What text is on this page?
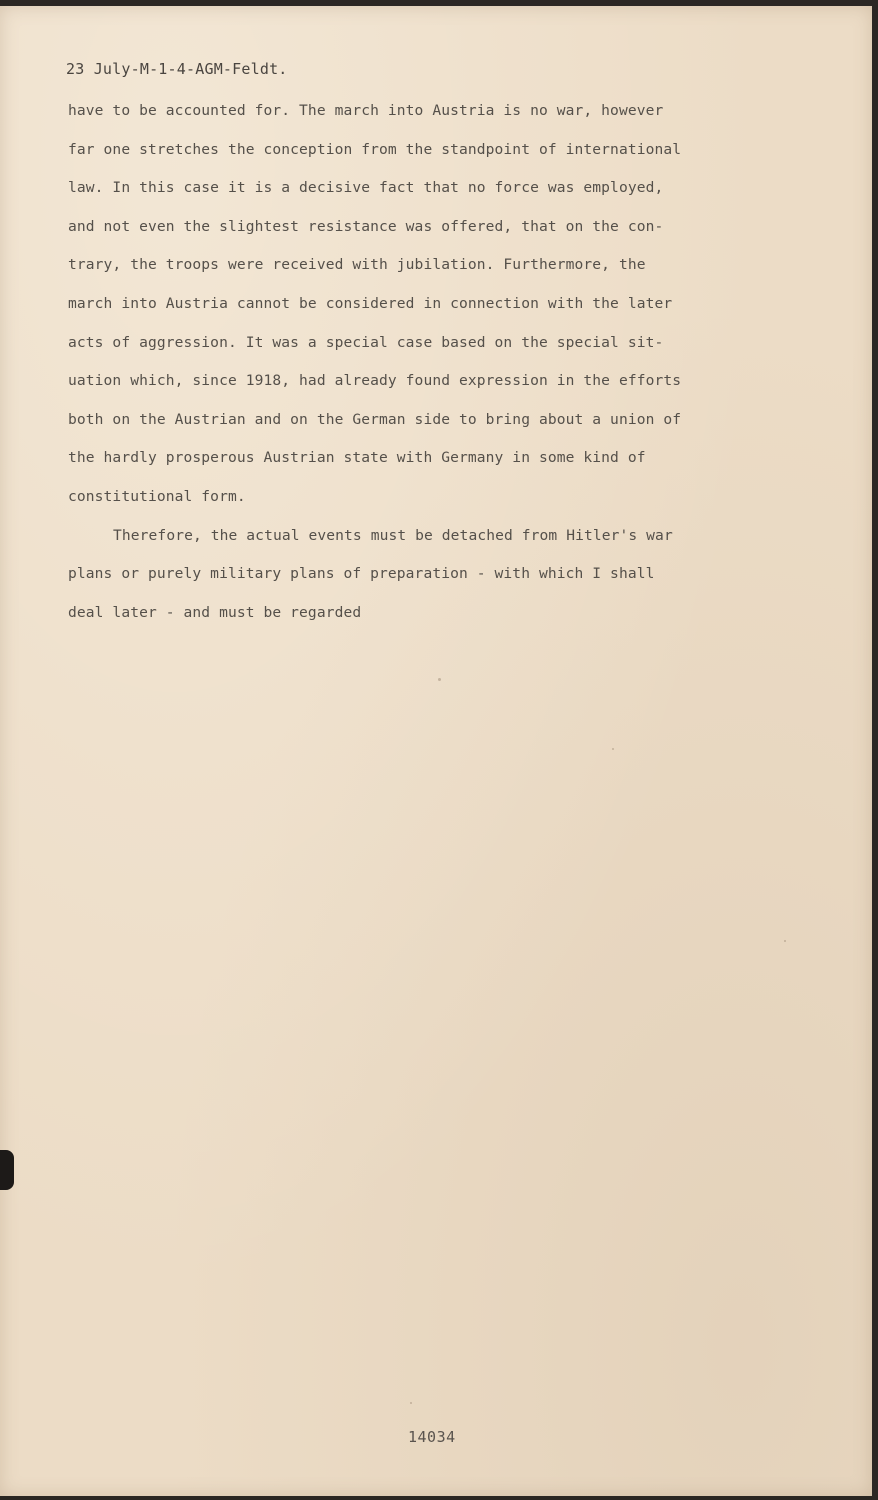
23 July-M-1-4-AGM-Feldt.
have to be accounted for. The march into Austria is no war, however
far one stretches the conception from the standpoint of international
law. In this case it is a decisive fact that no force was employed,
and not even the slightest resistance was offered, that on the con-
trary, the troops were received with jubilation. Furthermore, the
march into Austria cannot be considered in connection with the later
acts of aggression. It was a special case based on the special sit-
uation which, since 1918, had already found expression in the efforts
both on the Austrian and on the German side to bring about a union of
the hardly prosperous Austrian state with Germany in some kind of
constitutional form.
Therefore, the actual events must be detached from Hitler's war
plans or purely military plans of preparation - with which I shall
deal later - and must be regarded
14034
